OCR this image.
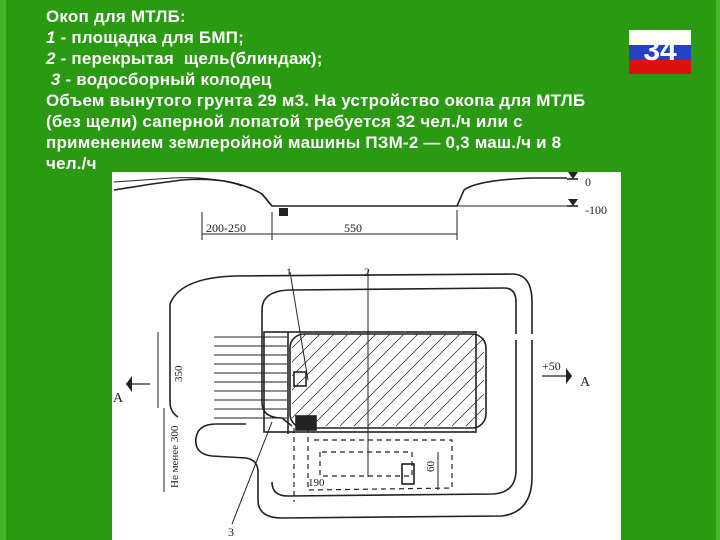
Окоп для МТЛБ:
1 - площадка для БМП;
2 - перекрытая  щель(блиндаж);
3 - водосборный колодец
Объем вынутого грунта 29 м3. На устройство окопа для МТЛБ
(без щели) саперной лопатой требуется 32 чел./ч или с
применением землеройной машины ПЗМ-2 — 0,3 маш./ч и 8
чел./ч
34
200-250	550
0
-100
1	2
3
+50
190
A
A
350
Не менее 300	60
